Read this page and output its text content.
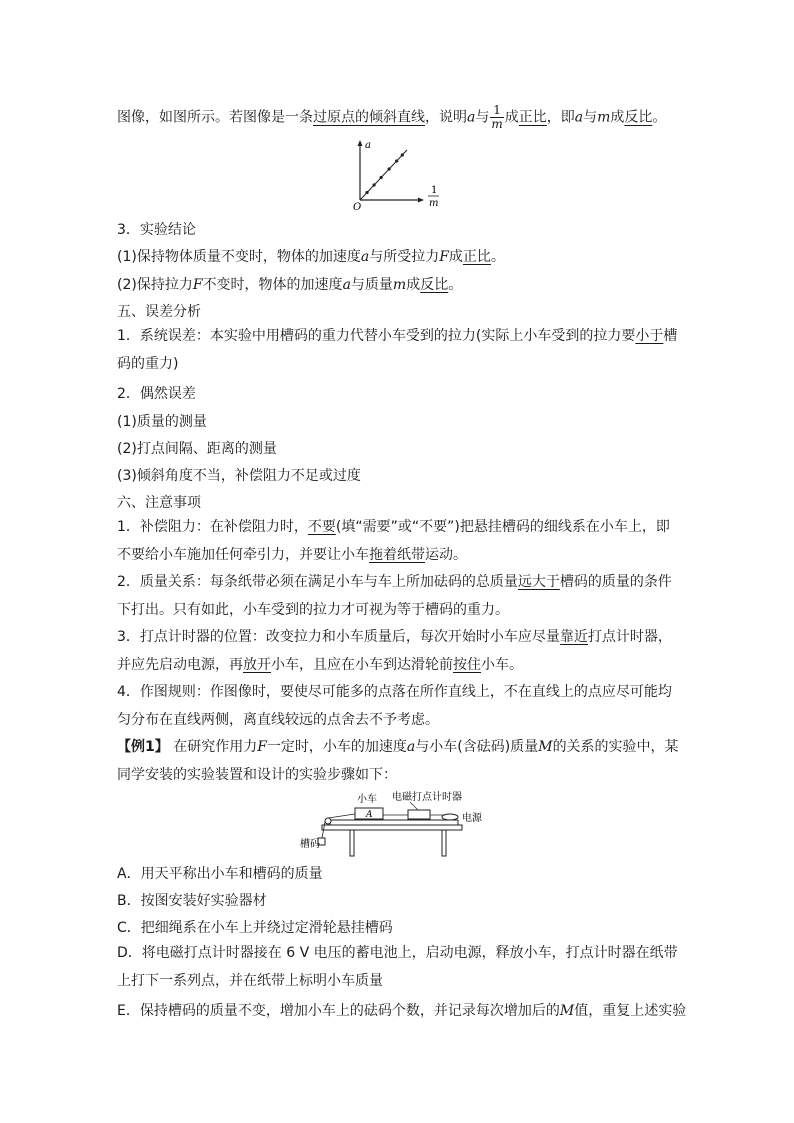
图像，如图所示。若图像是一条过原点的倾斜直线，说明a与 $\frac{1}{m}$ 成正比，即a与m成反比。
a
1
m
O
3．实验结论
(1)保持物体质量不变时，物体的加速度a与所受拉力F成正比。
(2)保持拉力F不变时，物体的加速度a与质量m成反比。
五、误差分析
1．系统误差：本实验中用槽码的重力代替小车受到的拉力(实际上小车受到的拉力要小于槽码的重力)
2．偶然误差
(1)质量的测量
(2)打点间隔、距离的测量
(3)倾斜角度不当，补偿阻力不足或过度
六、注意事项
1．补偿阻力：在补偿阻力时，不要(填“需要”或“不要”)把悬挂槽码的细线系在小车上，即不要给小车施加任何牵引力，并要让小车拖着纸带运动。
2．质量关系：每条纸带必须在满足小车与车上所加砝码的总质量远大于槽码的质量的条件下打出。只有如此，小车受到的拉力才可视为等于槽码的重力。
3．打点计时器的位置：改变拉力和小车质量后，每次开始时小车应尽量靠近打点计时器，并应先启动电源，再放开小车，且应在小车到达滑轮前按住小车。
4．作图规则：作图像时，要使尽可能多的点落在所作直线上，不在直线上的点应尽可能均匀分布在直线两侧，离直线较远的点舍去不予考虑。
【例1】 在研究作用力F一定时，小车的加速度a与小车(含砝码)质量M的关系的实验中，某同学安装的实验装置和设计的实验步骤如下：
A
小车 电磁打点计时器
电源
槽码
A．用天平称出小车和槽码的质量
B．按图安装好实验器材
C．把细绳系在小车上并绕过定滑轮悬挂槽码
D．将电磁打点计时器接在 6 V 电压的蓄电池上，启动电源，释放小车，打点计时器在纸带上打下一系列点，并在纸带上标明小车质量
E．保持槽码的质量不变，增加小车上的砝码个数，并记录每次增加后的M值，重复上述实验
